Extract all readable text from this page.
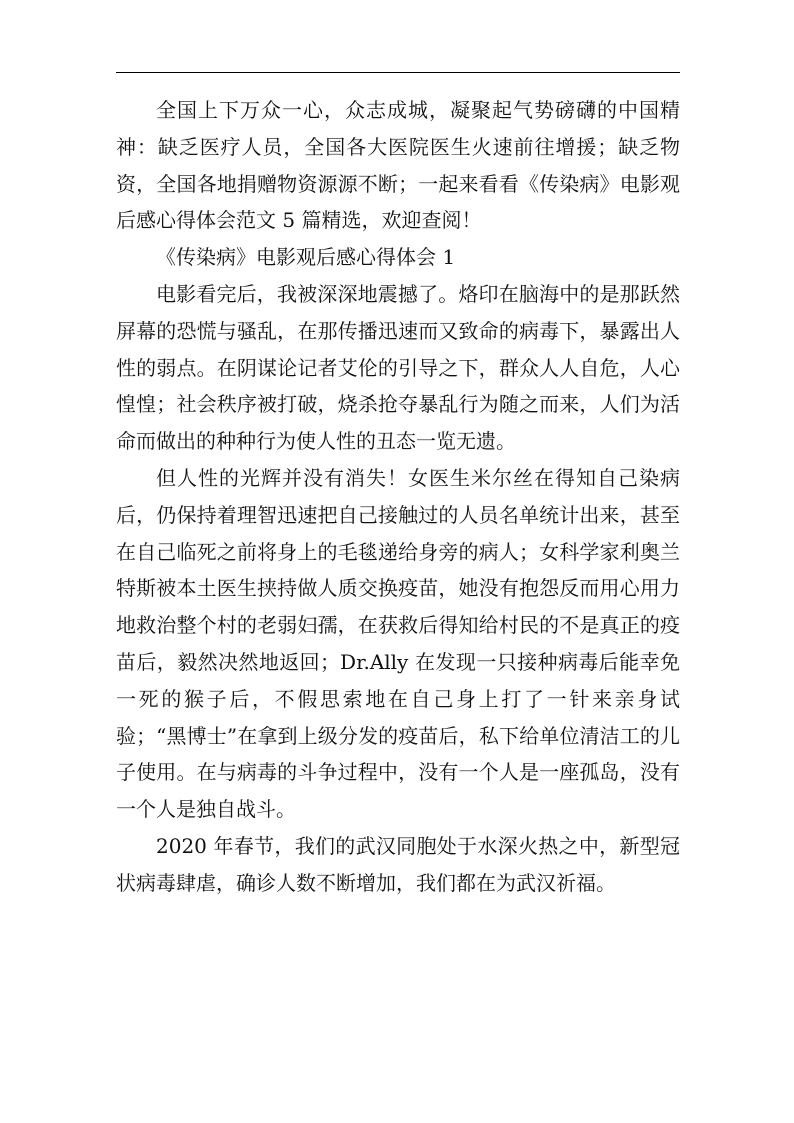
全国上下万众一心，众志成城，凝聚起气势磅礴的中国精神：缺乏医疗人员，全国各大医院医生火速前往增援；缺乏物资，全国各地捐赠物资源源不断；一起来看看《传染病》电影观后感心得体会范文 5 篇精选，欢迎查阅！

《传染病》电影观后感心得体会 1

电影看完后，我被深深地震撼了。烙印在脑海中的是那跃然屏幕的恐慌与骚乱，在那传播迅速而又致命的病毒下，暴露出人性的弱点。在阴谋论记者艾伦的引导之下，群众人人自危，人心惶惶；社会秩序被打破，烧杀抢夺暴乱行为随之而来，人们为活命而做出的种种行为使人性的丑态一览无遗。

但人性的光辉并没有消失！女医生米尔丝在得知自己染病后，仍保持着理智迅速把自己接触过的人员名单统计出来，甚至在自己临死之前将身上的毛毯递给身旁的病人；女科学家利奥兰特斯被本土医生挟持做人质交换疫苗，她没有抱怨反而用心用力地救治整个村的老弱妇孺，在获救后得知给村民的不是真正的疫苗后，毅然决然地返回；Dr.Ally 在发现一只接种病毒后能幸免一死的猴子后，不假思索地在自己身上打了一针来亲身试验；“黑博士”在拿到上级分发的疫苗后，私下给单位清洁工的儿子使用。在与病毒的斗争过程中，没有一个人是一座孤岛，没有一个人是独自战斗。

2020 年春节，我们的武汉同胞处于水深火热之中，新型冠状病毒肆虐，确诊人数不断增加，我们都在为武汉祈福。
